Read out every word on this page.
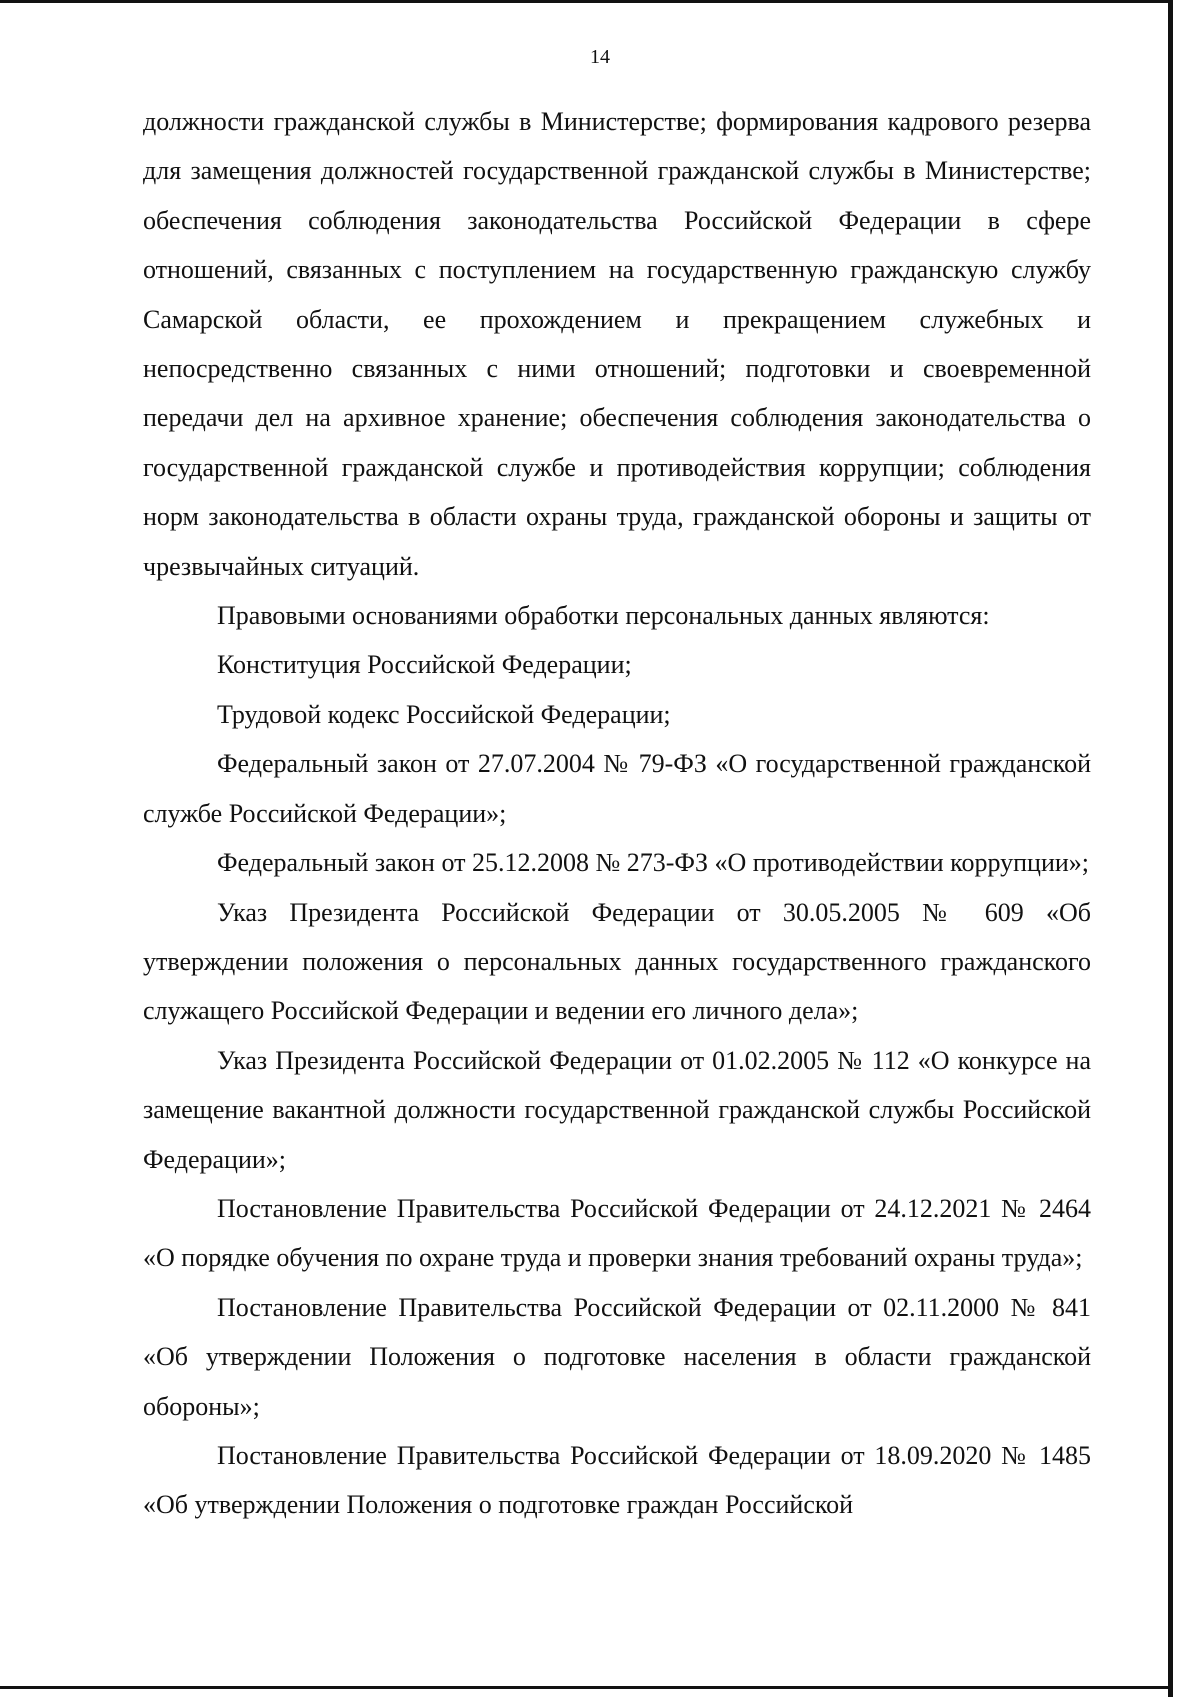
14

должности гражданской службы в Министерстве; формирования кадрового резерва для замещения должностей государственной гражданской службы в Министерстве; обеспечения соблюдения законодательства Российской Федерации в сфере отношений, связанных с поступлением на государственную гражданскую службу Самарской области, ее прохождением и прекращением служебных и непосредственно связанных с ними отношений; подготовки и своевременной передачи дел на архивное хранение; обеспечения соблюдения законодательства о государственной гражданской службе и противодействия коррупции; соблюдения норм законодательства в области охраны труда, гражданской обороны и защиты от чрезвычайных ситуаций.

Правовыми основаниями обработки персональных данных являются:

Конституция Российской Федерации;

Трудовой кодекс Российской Федерации;

Федеральный закон от 27.07.2004 № 79-ФЗ «О государственной гражданской службе Российской Федерации»;

Федеральный закон от 25.12.2008 № 273-ФЗ «О противодействии коррупции»;

Указ Президента Российской Федерации от 30.05.2005 № 609 «Об утверждении положения о персональных данных государственного гражданского служащего Российской Федерации и ведении его личного дела»;

Указ Президента Российской Федерации от 01.02.2005 № 112 «О конкурсе на замещение вакантной должности государственной гражданской службы Российской Федерации»;

Постановление Правительства Российской Федерации от 24.12.2021 № 2464 «О порядке обучения по охране труда и проверки знания требований охраны труда»;

Постановление Правительства Российской Федерации от 02.11.2000 № 841 «Об утверждении Положения о подготовке населения в области гражданской обороны»;

Постановление Правительства Российской Федерации от 18.09.2020 № 1485 «Об утверждении Положения о подготовке граждан Российской
